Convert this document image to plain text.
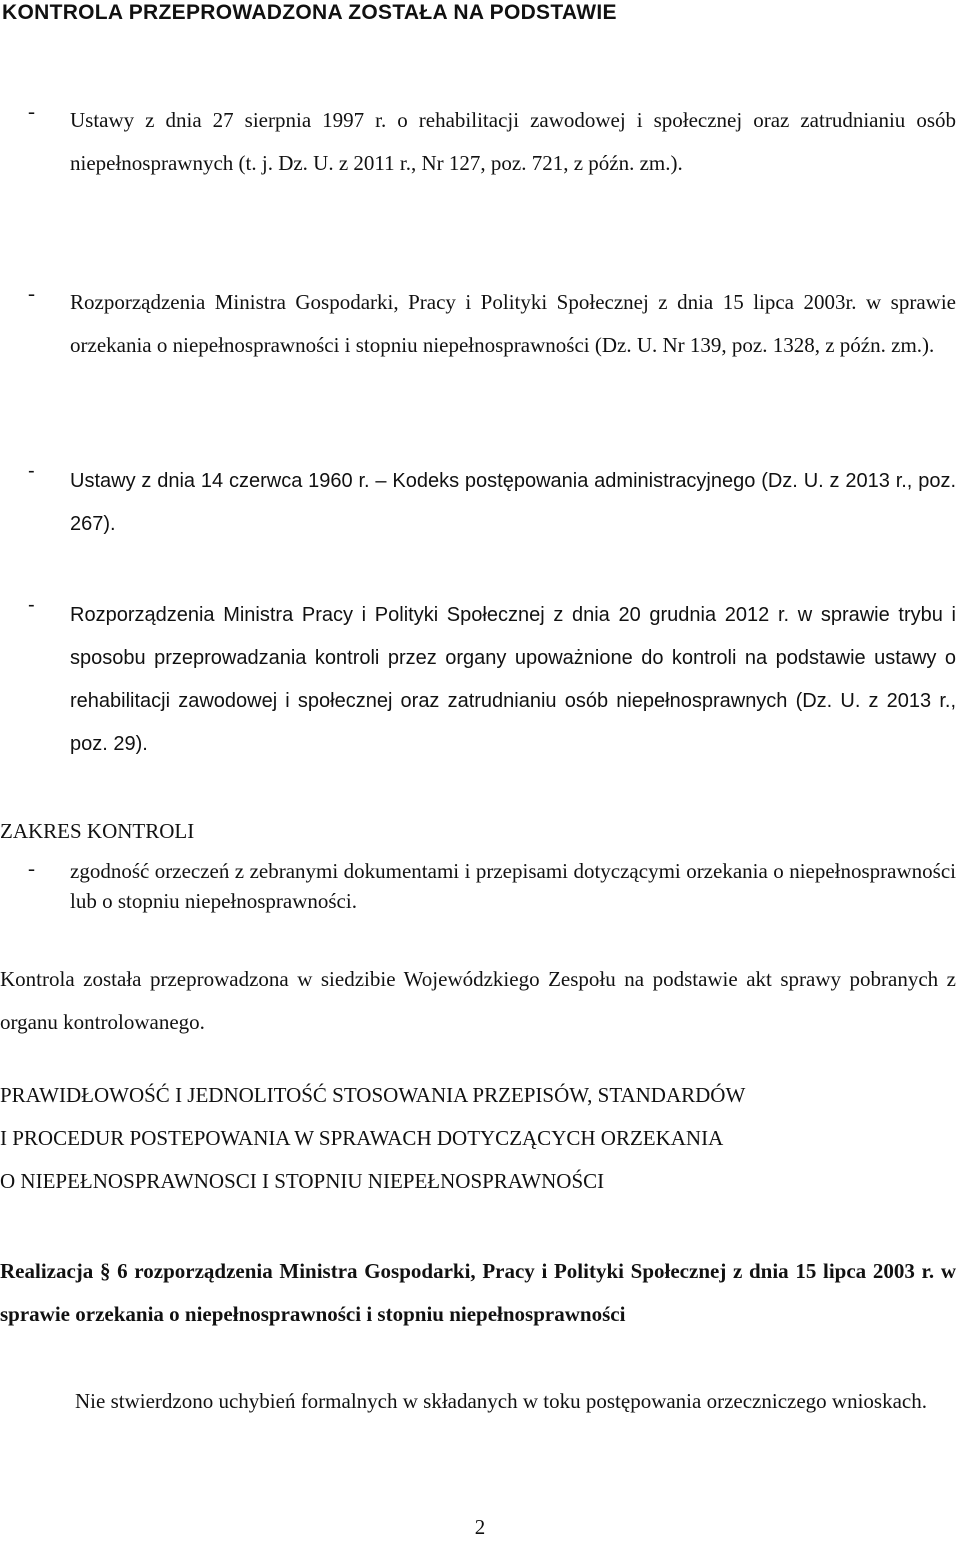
KONTROLA PRZEPROWADZONA ZOSTAŁA NA PODSTAWIE
-	Ustawy z dnia 27 sierpnia 1997 r. o rehabilitacji zawodowej i społecznej oraz zatrudnianiu osób niepełnosprawnych (t. j. Dz. U. z 2011 r., Nr 127, poz. 721, z późn. zm.).
-	Rozporządzenia Ministra Gospodarki, Pracy i Polityki Społecznej z dnia 15 lipca 2003r. w sprawie orzekania o niepełnosprawności i stopniu niepełnosprawności (Dz. U. Nr 139, poz. 1328, z późn. zm.).
-	Ustawy z dnia 14 czerwca 1960 r. – Kodeks postępowania administracyjnego (Dz. U. z 2013 r., poz. 267).
-	Rozporządzenia Ministra Pracy i Polityki Społecznej z dnia 20 grudnia 2012 r. w sprawie trybu i sposobu przeprowadzania kontroli przez organy upoważnione do kontroli na podstawie ustawy o rehabilitacji zawodowej i społecznej oraz zatrudnianiu osób niepełnosprawnych (Dz. U. z 2013 r., poz. 29).
ZAKRES KONTROLI
-	zgodność orzeczeń z zebranymi dokumentami i przepisami dotyczącymi orzekania o niepełnosprawności lub o stopniu niepełnosprawności.
Kontrola została przeprowadzona w siedzibie Wojewódzkiego Zespołu na podstawie akt sprawy pobranych z organu kontrolowanego.
PRAWIDŁOWOŚĆ I JEDNOLITOŚĆ STOSOWANIA PRZEPISÓW, STANDARDÓW
I PROCEDUR POSTEPOWANIA W SPRAWACH DOTYCZĄCYCH ORZEKANIA
O NIEPEŁNOSPRAWNOSCI I STOPNIU NIEPEŁNOSPRAWNOŚCI
Realizacja § 6 rozporządzenia Ministra Gospodarki, Pracy i Polityki Społecznej z dnia 15 lipca 2003 r. w sprawie orzekania o niepełnosprawności i stopniu niepełnosprawności
Nie stwierdzono uchybień formalnych w składanych w toku postępowania orzeczniczego wnioskach.
2
